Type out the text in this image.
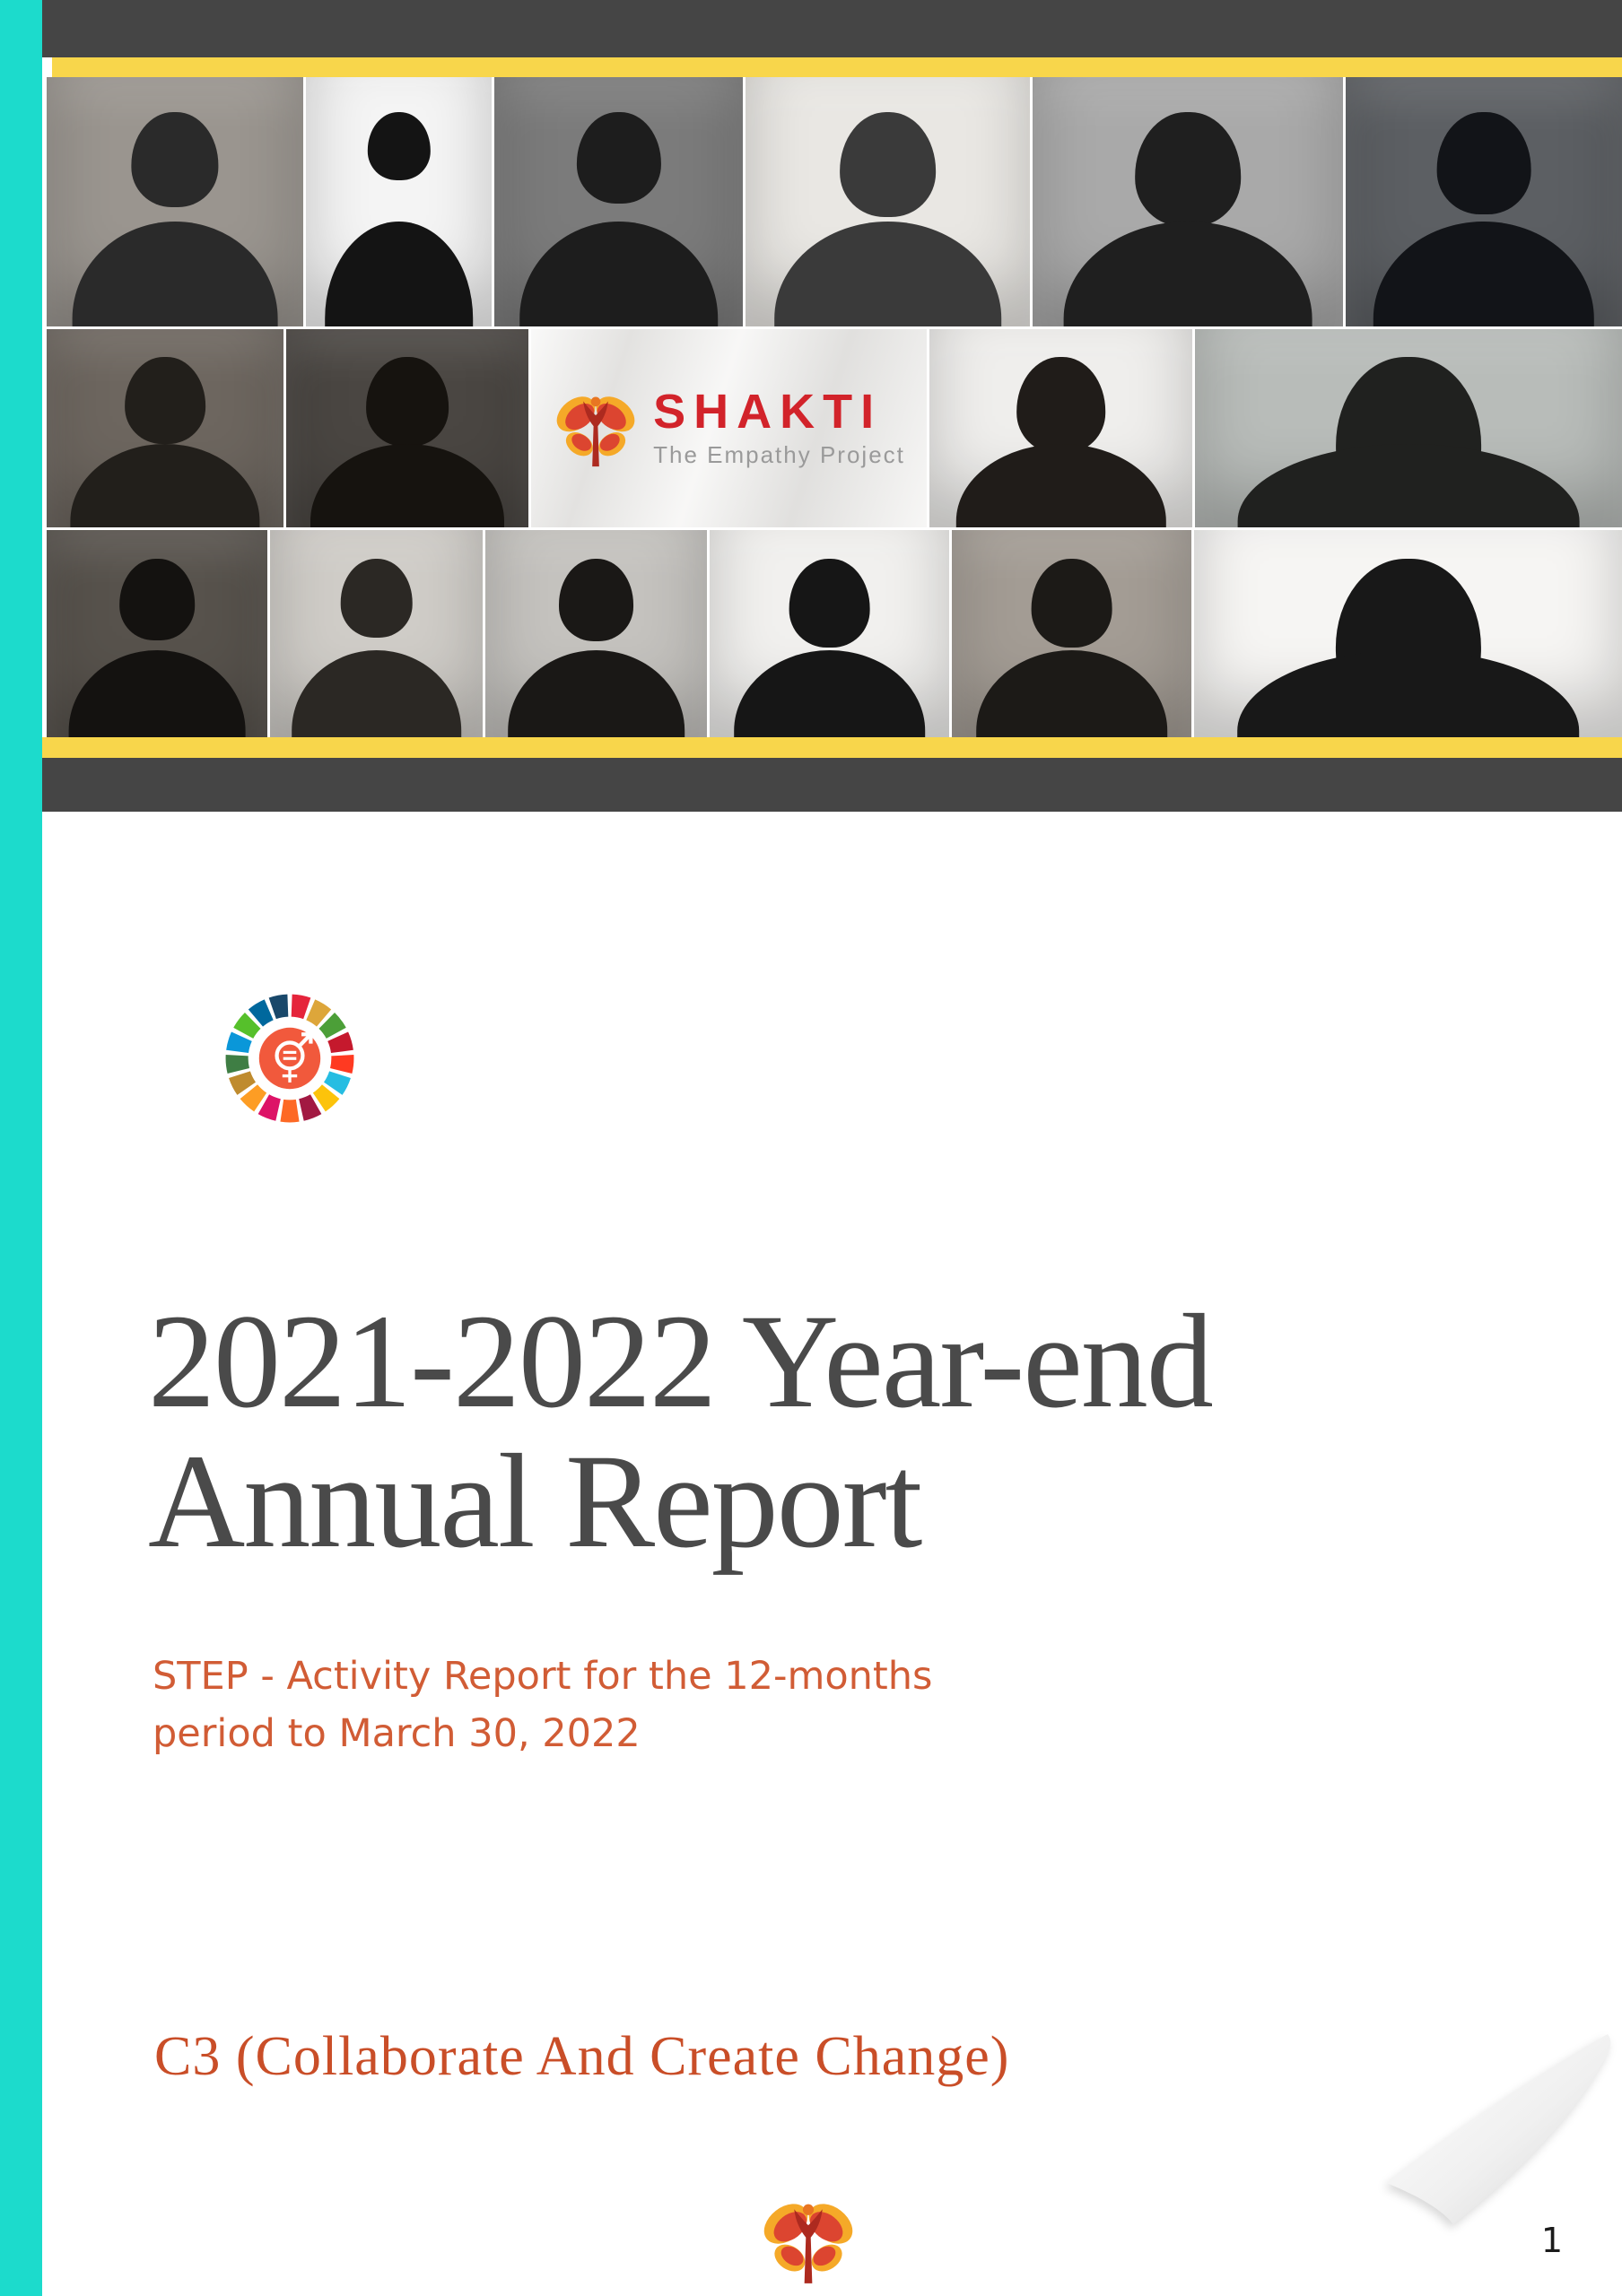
SHAKTI
The Empathy Project
2021-2022 Year-end
Annual Report
STEP - Activity Report for the 12-months
period to March 30, 2022
C3 (Collaborate And Create Change)
1
